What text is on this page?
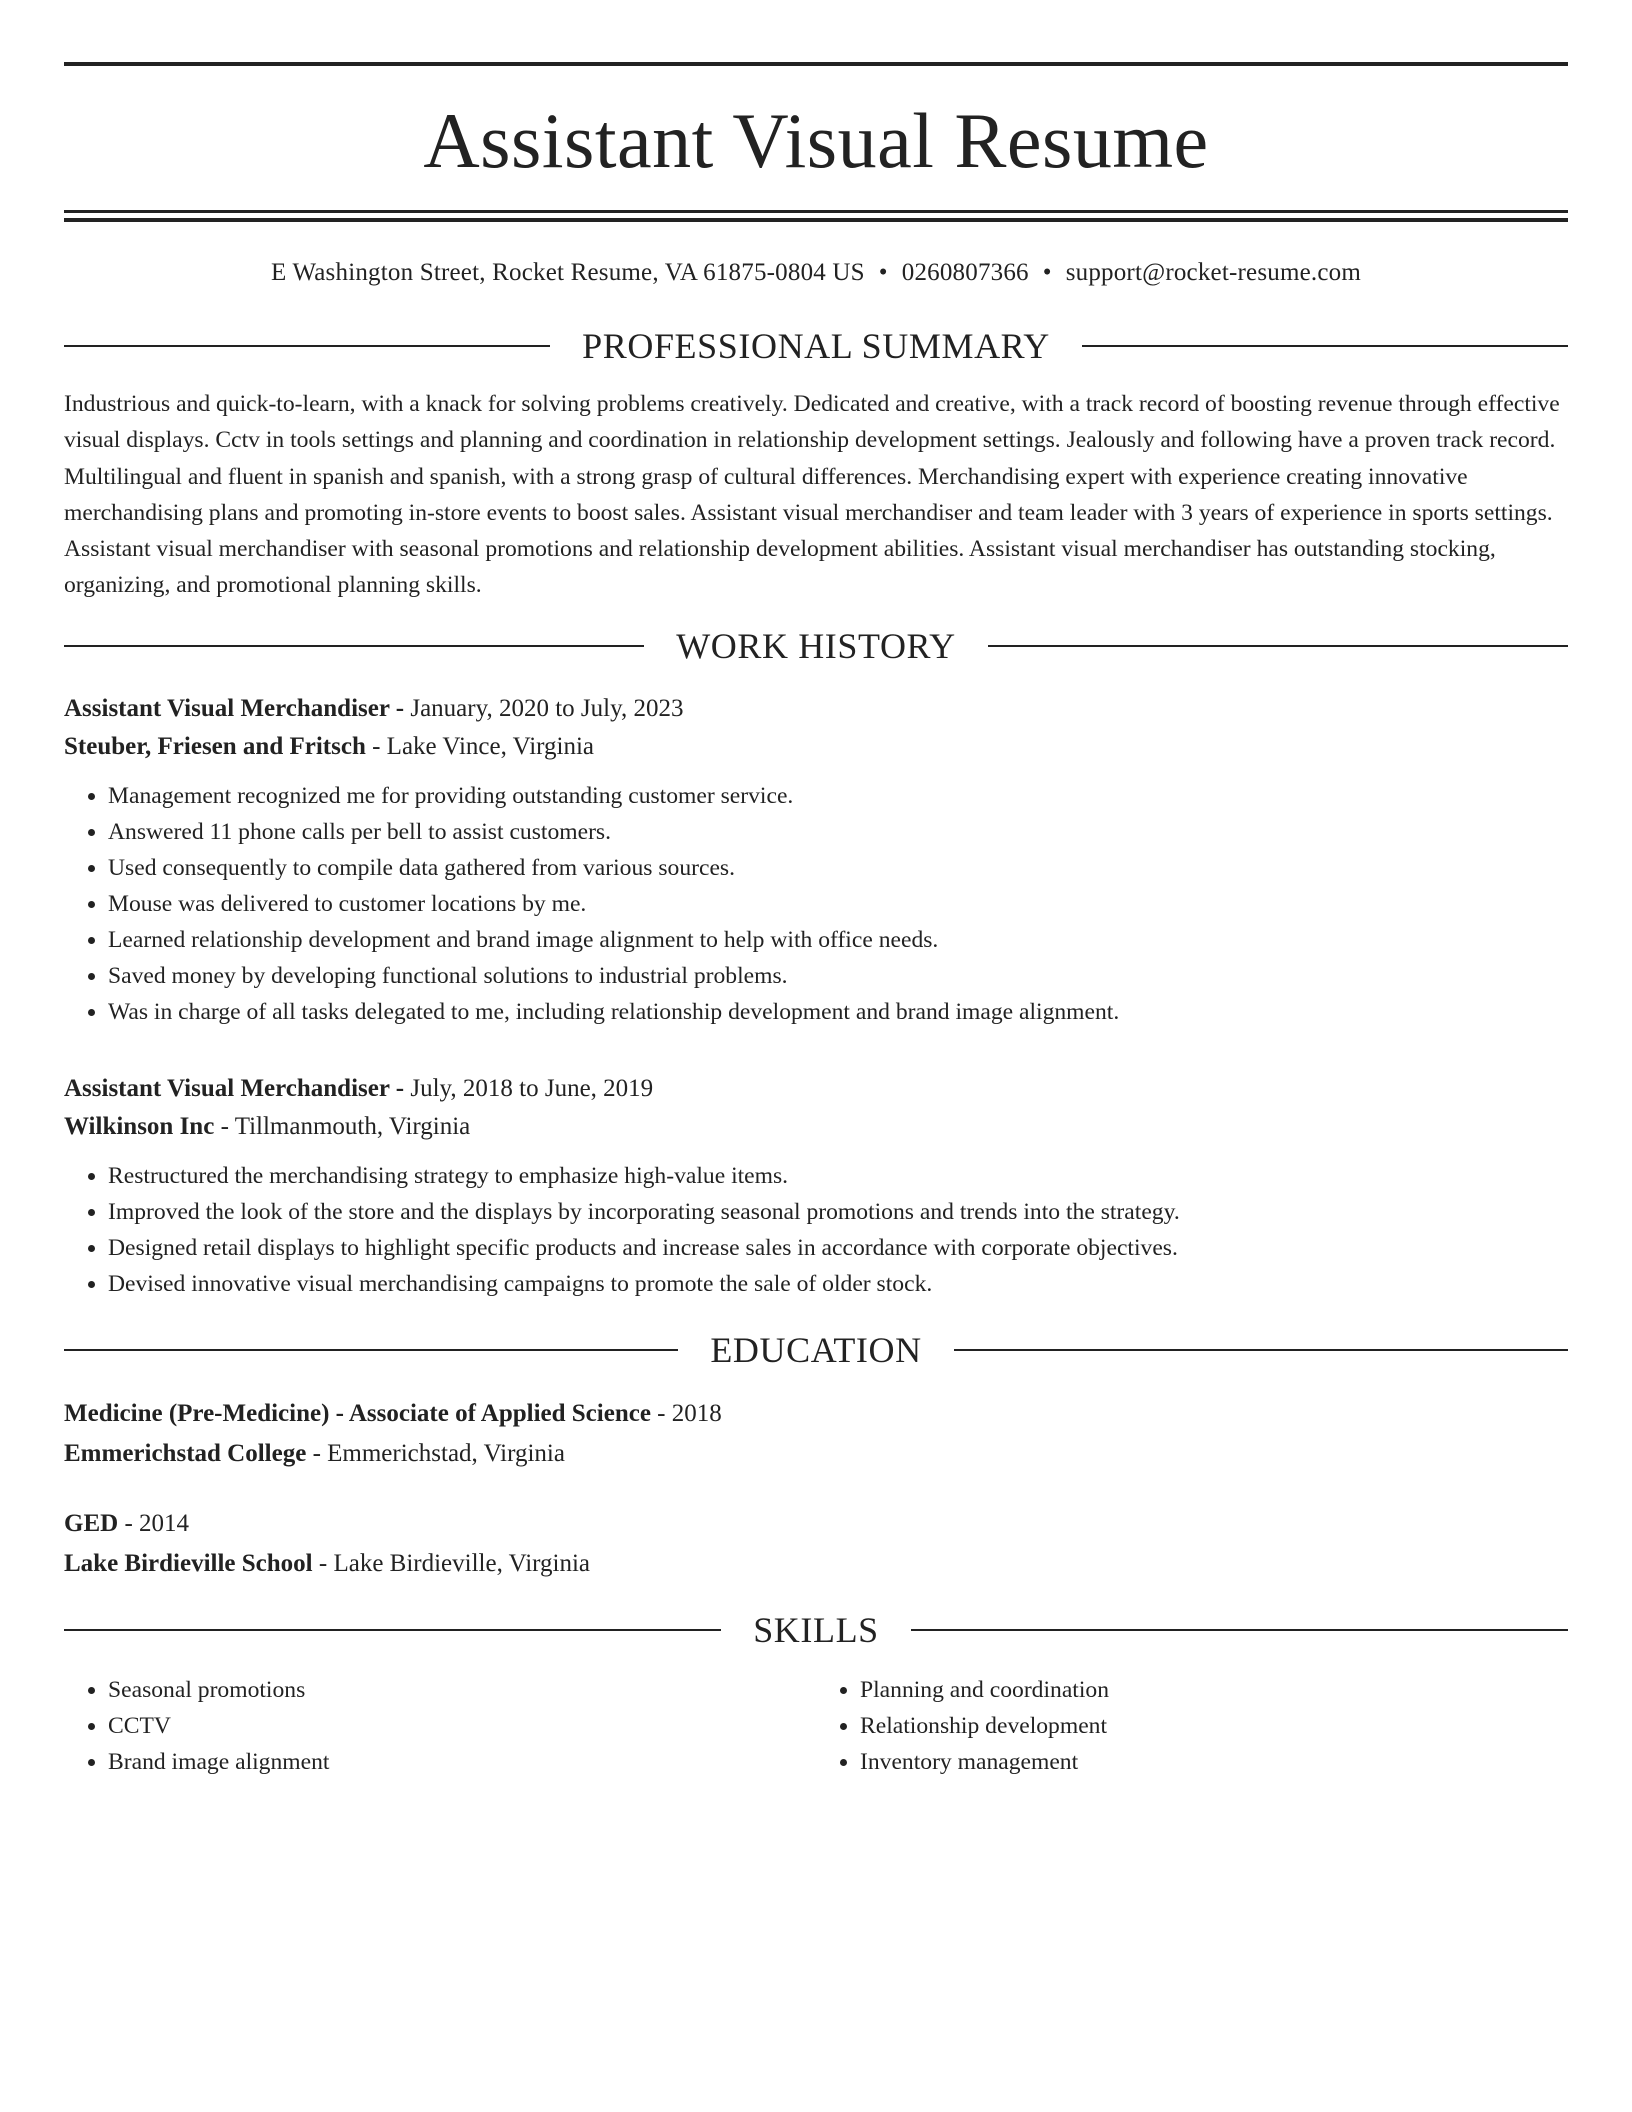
Assistant Visual Resume
E Washington Street, Rocket Resume, VA 61875-0804 US • 0260807366 • support@rocket-resume.com
PROFESSIONAL SUMMARY
Industrious and quick-to-learn, with a knack for solving problems creatively. Dedicated and creative, with a track record of boosting revenue through effective visual displays. Cctv in tools settings and planning and coordination in relationship development settings. Jealously and following have a proven track record. Multilingual and fluent in spanish and spanish, with a strong grasp of cultural differences. Merchandising expert with experience creating innovative merchandising plans and promoting in-store events to boost sales. Assistant visual merchandiser and team leader with 3 years of experience in sports settings. Assistant visual merchandiser with seasonal promotions and relationship development abilities. Assistant visual merchandiser has outstanding stocking, organizing, and promotional planning skills.
WORK HISTORY
Assistant Visual Merchandiser - January, 2020 to July, 2023
Steuber, Friesen and Fritsch - Lake Vince, Virginia
• Management recognized me for providing outstanding customer service.
• Answered 11 phone calls per bell to assist customers.
• Used consequently to compile data gathered from various sources.
• Mouse was delivered to customer locations by me.
• Learned relationship development and brand image alignment to help with office needs.
• Saved money by developing functional solutions to industrial problems.
• Was in charge of all tasks delegated to me, including relationship development and brand image alignment.
Assistant Visual Merchandiser - July, 2018 to June, 2019
Wilkinson Inc - Tillmanmouth, Virginia
• Restructured the merchandising strategy to emphasize high-value items.
• Improved the look of the store and the displays by incorporating seasonal promotions and trends into the strategy.
• Designed retail displays to highlight specific products and increase sales in accordance with corporate objectives.
• Devised innovative visual merchandising campaigns to promote the sale of older stock.
EDUCATION
Medicine (Pre-Medicine) - Associate of Applied Science - 2018
Emmerichstad College - Emmerichstad, Virginia
GED - 2014
Lake Birdieville School - Lake Birdieville, Virginia
SKILLS
• Seasonal promotions
• CCTV
• Brand image alignment
• Planning and coordination
• Relationship development
• Inventory management
